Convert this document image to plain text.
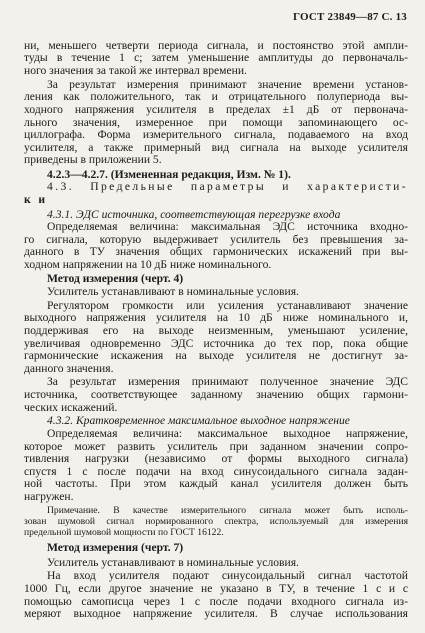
ГОСТ 23849—87 С. 13
ни, меньшего четверти периода сигнала, и постоянство этой ампли-
туды в течение 1 с; затем уменьшение амплитуды до первоначаль-
ного значения за такой же интервал времени.
За результат измерения принимают значение времени установ-
ления как положительного, так и отрицательного полупериода вы-
ходного напряжения усилителя в пределах ±1 дБ от первонача-
льного значения, измеренное при помощи запоминающего ос-
циллографа. Форма измерительного сигнала, подаваемого на вход
усилителя, а также примерный вид сигнала на выходе усилителя
приведены в приложении 5.
4.2.3—4.2.7. (Измененная редакция, Изм. № 1).
4.3. Предельные параметры и характеристи-
к и
4.3.1. ЭДС источника, соответствующая перегрузке входа
Определяемая величина: максимальная ЭДС источника входно-
го сигнала, которую выдерживает усилитель без превышения за-
данного в ТУ значения общих гармонических искажений при вы-
ходном напряжении на 10 дБ ниже номинального.
Метод измерения (черт. 4)
Усилитель устанавливают в номинальные условия.
Регулятором громкости или усиления устанавливают значение
выходного напряжения усилителя на 10 дБ ниже номинального и,
поддерживая его на выходе неизменным, уменьшают усиление,
увеличивая одновременно ЭДС источника до тех пор, пока общие
гармонические искажения на выходе усилителя не достигнут за-
данного значения.
За результат измерения принимают полученное значение ЭДС
источника, соответствующее заданному значению общих гармони-
ческих искажений.
4.3.2. Кратковременное максимальное выходное напряжение
Определяемая величина: максимальное выходное напряжение,
которое может развить усилитель при заданном значении сопро-
тивления нагрузки (независимо от формы выходного сигнала)
спустя 1 с после подачи на вход синусоидального сигнала задан-
ной частоты. При этом каждый канал усилителя должен быть
нагружен.
Примечание. В качестве измерительного сигнала может быть исполь-
зован шумовой сигнал нормированного спектра, используемый для измерения
предельной шумовой мощности по ГОСТ 16122.
Метод измерения (черт. 7)
Усилитель устанавливают в номинальные условия.
На вход усилителя подают синусоидальный сигнал частотой
1000 Гц, если другое значение не указано в ТУ, в течение 1 с и с
помощью самописца через 1 с после подачи входного сигнала из-
меряют выходное напряжение усилителя. В случае использования
